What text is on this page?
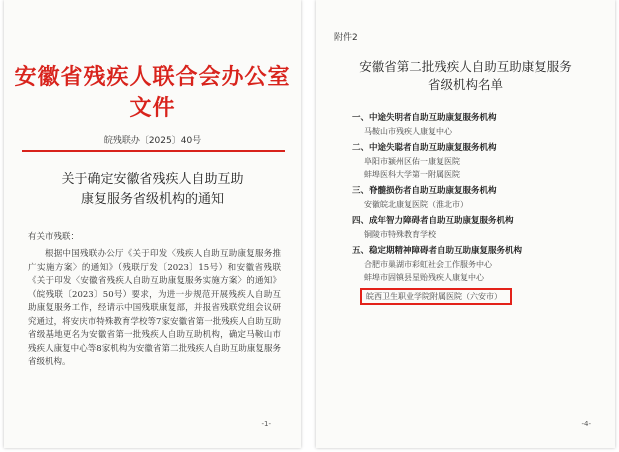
安徽省残疾人联合会办公室文件
皖残联办〔2025〕40号
关于确定安徽省残疾人自助互助
康复服务省级机构的通知
有关市残联：

根据中国残联办公厅《关于印发〈残疾人自助互助康复服务推广实施方案〉的通知》（残联厅发〔2023〕15号）和安徽省残联《关于印发〈安徽省残疾人自助互助康复服务实施方案〉的通知》（皖残联〔2023〕50号）要求，为进一步规范开展残疾人自助互助康复服务工作，经请示中国残联康复部，并报省残联党组会议研究通过，将安庆市特殊教育学校等7家安徽省第一批残疾人自助互助省级基地更名为安徽省第一批残疾人自助互助机构，确定马鞍山市残疾人康复中心等8家机构为安徽省第二批残疾人自助互助康复服务省级机构。

-1-
附件2
安徽省第二批残疾人自助互助康复服务
省级机构名单
一、中途失明者自助互助康复服务机构
马鞍山市残疾人康复中心
二、中途失聪者自助互助康复服务机构
阜阳市颍州区佑一康复医院
蚌埠医科大学第一附属医院
三、脊髓损伤者自助互助康复服务机构
安徽皖北康复医院（淮北市）
四、成年智力障碍者自助互助康复服务机构
铜陵市特殊教育学校
五、稳定期精神障碍者自助互助康复服务机构
合肥市巢湖市彩虹社会工作服务中心
蚌埠市固镇县星贻残疾人康复中心
皖西卫生职业学院附属医院（六安市）
-4-
